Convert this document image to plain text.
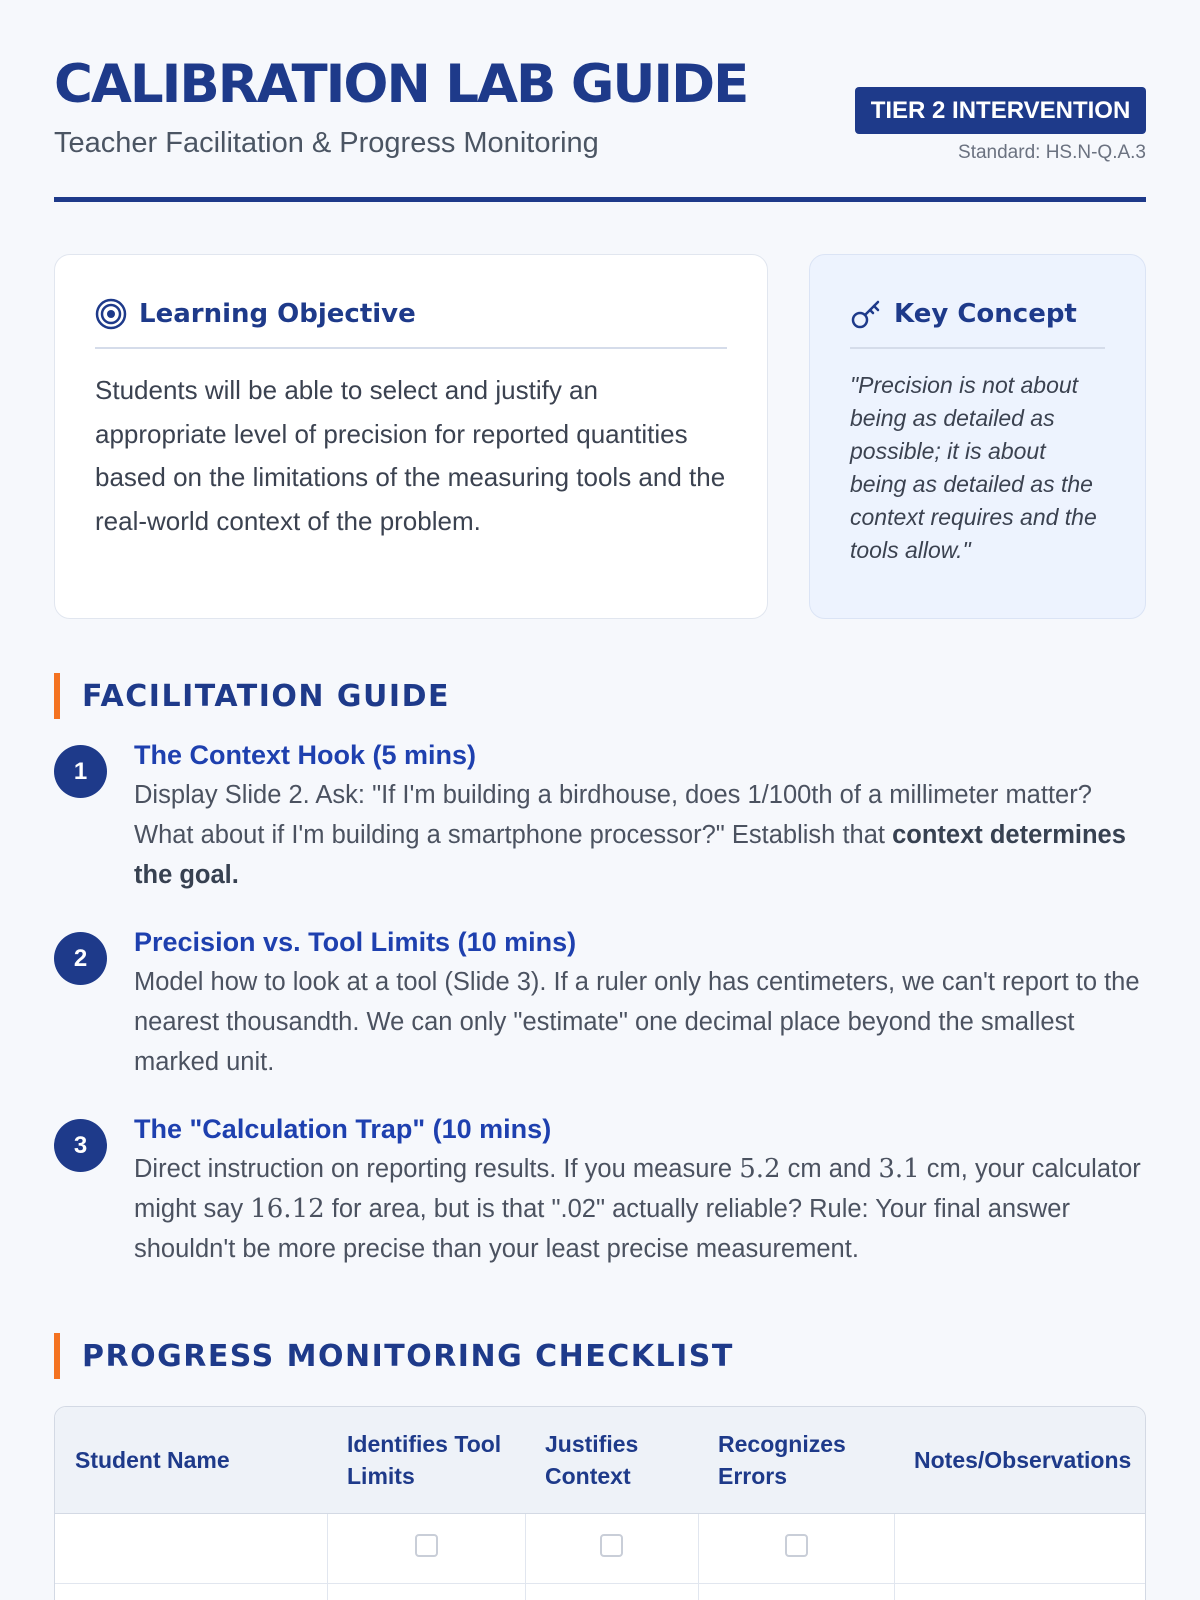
CALIBRATION LAB GUIDE
Teacher Facilitation & Progress Monitoring
TIER 2 INTERVENTION
Standard: HS.N-Q.A.3
Learning Objective

Students will be able to select and justify an appropriate level of precision for reported quantities based on the limitations of the measuring tools and the real-world context of the problem.

Key Concept

"Precision is not about being as detailed as possible; it is about being as detailed as the context requires and the tools allow."

FACILITATION GUIDE
1
The Context Hook (5 mins)
Display Slide 2. Ask: "If I'm building a birdhouse, does 1/100th of a millimeter matter? What about if I'm building a smartphone processor?" Establish that context determines the goal.
2
Precision vs. Tool Limits (10 mins)
Model how to look at a tool (Slide 3). If a ruler only has centimeters, we can't report to the nearest thousandth. We can only "estimate" one decimal place beyond the smallest marked unit.
3
The "Calculation Trap" (10 mins)
Direct instruction on reporting results. If you measure 5.2 cm and 3.1 cm, your calculator might say 16.12 for area, but is that ".02" actually reliable? Rule: Your final answer shouldn't be more precise than your least precise measurement.
PROGRESS MONITORING CHECKLIST
Student Name	Identifies Tool Limits	Justifies Context	Recognizes Errors	Notes/Observations
